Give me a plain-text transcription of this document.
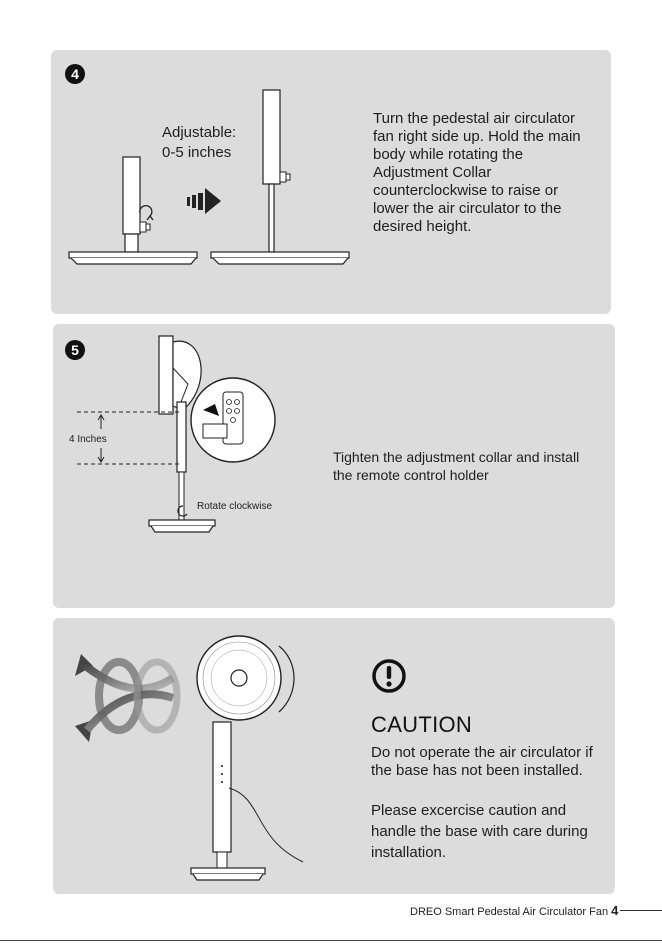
4
Adjustable:
0-5 inches
Turn the pedestal air circulator fan right side up. Hold the main body while rotating the Adjustment Collar counterclockwise to raise or lower the air circulator to the desired height.
5
4 Inches
Rotate clockwise
Tighten the adjustment collar and install the remote control holder
CAUTION
Do not operate the air circulator if the base has not been installed.
Please excercise caution and handle the base with care during installation.
DREO Smart Pedestal Air Circulator Fan 4
